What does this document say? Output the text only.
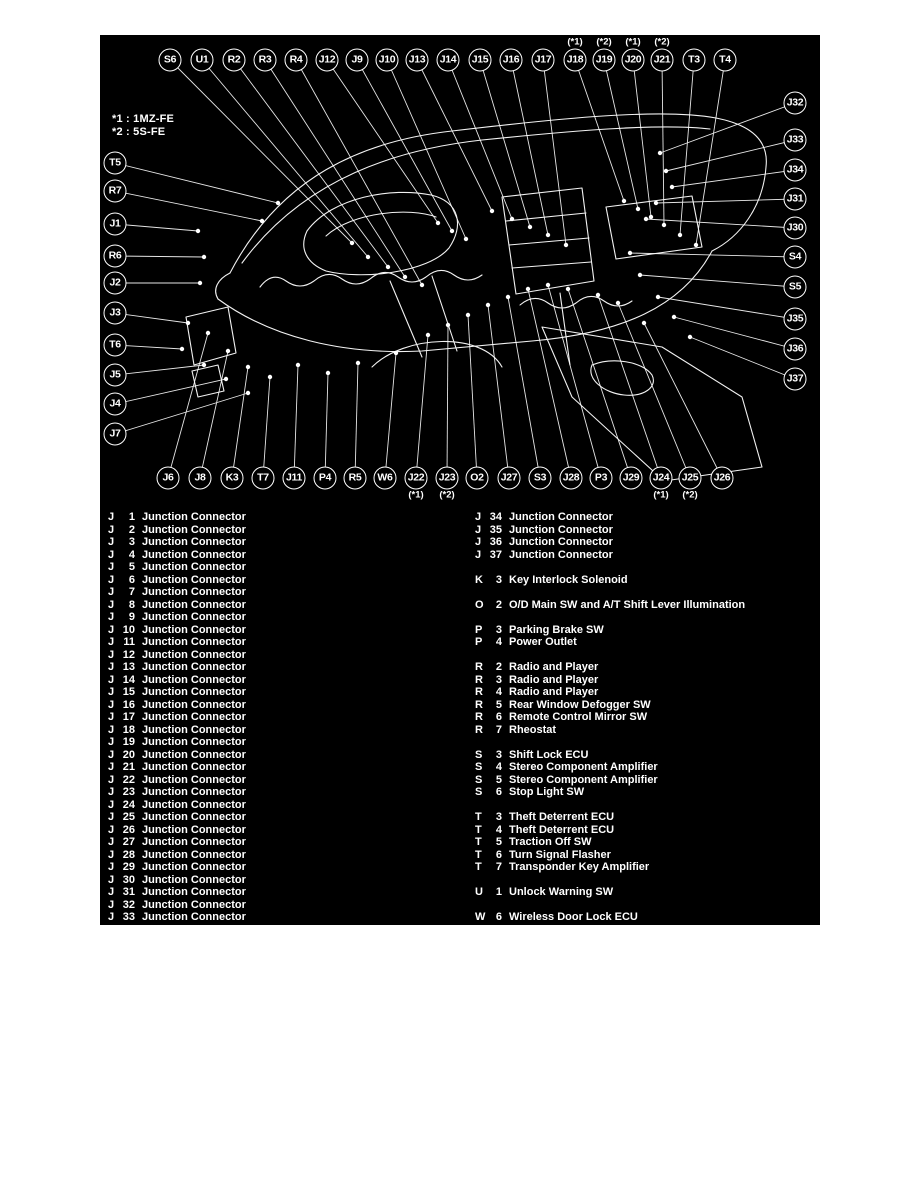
*1 : 1MZ-FE
*2 : 5S-FE
J 1 Junction Connector
J 2 Junction Connector
J 3 Junction Connector
J 4 Junction Connector
J 5 Junction Connector
J 6 Junction Connector
J 7 Junction Connector
J 8 Junction Connector
J 9 Junction Connector
J 10 Junction Connector
J 11 Junction Connector
J 12 Junction Connector
J 13 Junction Connector
J 14 Junction Connector
J 15 Junction Connector
J 16 Junction Connector
J 17 Junction Connector
J 18 Junction Connector
J 19 Junction Connector
J 20 Junction Connector
J 21 Junction Connector
J 22 Junction Connector
J 23 Junction Connector
J 24 Junction Connector
J 25 Junction Connector
J 26 Junction Connector
J 27 Junction Connector
J 28 Junction Connector
J 29 Junction Connector
J 30 Junction Connector
J 31 Junction Connector
J 32 Junction Connector
J 33 Junction Connector
J 34 Junction Connector
J 35 Junction Connector
J 36 Junction Connector
J 37 Junction Connector
K 3 Key Interlock Solenoid
O 2 O/D Main SW and A/T Shift Lever Illumination
P 3 Parking Brake SW
P 4 Power Outlet
R 2 Radio and Player
R 3 Radio and Player
R 4 Radio and Player
R 5 Rear Window Defogger SW
R 6 Remote Control Mirror SW
R 7 Rheostat
S 3 Shift Lock ECU
S 4 Stereo Component Amplifier
S 5 Stereo Component Amplifier
S 6 Stop Light SW
T 3 Theft Deterrent ECU
T 4 Theft Deterrent ECU
T 5 Traction Off SW
T 6 Turn Signal Flasher
T 7 Transponder Key Amplifier
U 1 Unlock Warning SW
W 6 Wireless Door Lock ECU
S6	U1	R2	R3	R4	J12	J9	J10	J13	J14	J15	J16	J17	J18	J19	J20	J21	T3	T4
T5
R7
J1
R6
J2
J3
T6
J5
J4
J7
J32
J33
J34
J31
J30
S4
S5
J35
J36
J37
J6	J8	K3	T7	J11	P4	R5	W6	J22	J23	O2	J27	S3	J28	P3	J29	J24	J25	J26
(*1) (*2) (*1) (*2)
(*1) (*2)	(*1) (*2)
